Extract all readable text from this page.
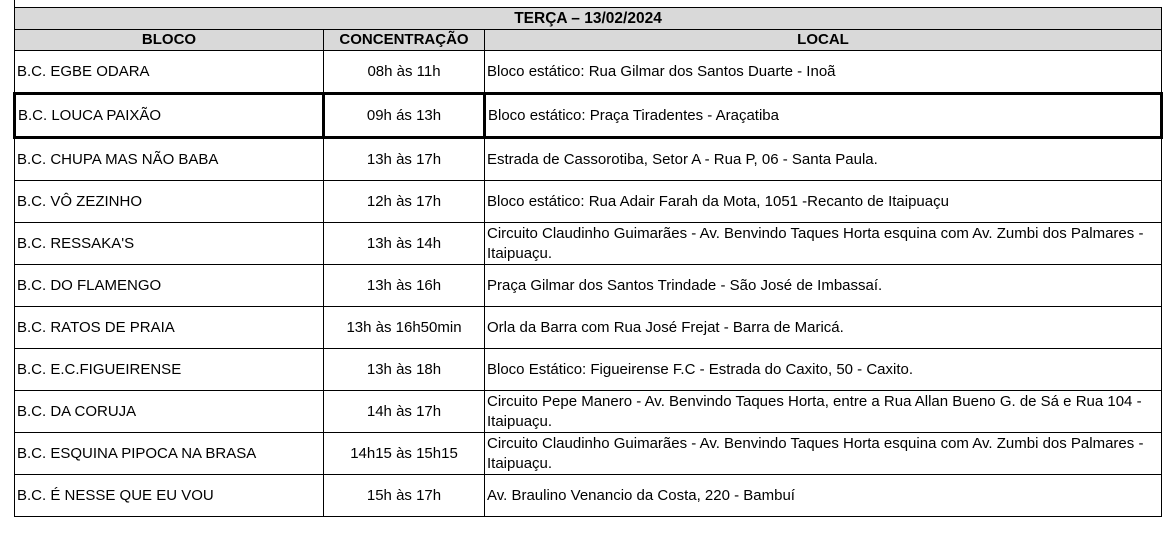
TERÇA – 13/02/2024		
BLOCO	CONCENTRAÇÃO	LOCAL
B.C. EGBE ODARA	08h às 11h	Bloco estático: Rua Gilmar dos Santos Duarte - Inoã
B.C. LOUCA PAIXÃO	09h ás 13h	Bloco estático: Praça Tiradentes - Araçatiba
B.C. CHUPA MAS NÃO BABA	13h às 17h	Estrada de Cassorotiba, Setor A - Rua P, 06 - Santa Paula.
B.C. VÔ ZEZINHO	12h às 17h	Bloco estático: Rua Adair Farah da Mota, 1051 -Recanto de Itaipuaçu
B.C. RESSAKA'S	13h às 14h	Circuito Claudinho Guimarães - Av. Benvindo Taques Horta esquina com Av. Zumbi dos Palmares - Itaipuaçu.
B.C. DO FLAMENGO	13h às 16h	Praça Gilmar dos Santos Trindade - São José de Imbassaí.
B.C. RATOS DE PRAIA	13h às 16h50min	Orla da Barra com Rua José Frejat - Barra de Maricá.
B.C. E.C.FIGUEIRENSE	13h às 18h	Bloco Estático: Figueirense F.C - Estrada do Caxito, 50 - Caxito.
B.C. DA CORUJA	14h às 17h	Circuito Pepe Manero - Av. Benvindo Taques Horta, entre a Rua Allan Bueno G. de Sá e Rua 104 - Itaipuaçu.
B.C. ESQUINA PIPOCA NA BRASA	14h15 às 15h15	Circuito Claudinho Guimarães - Av. Benvindo Taques Horta esquina com Av. Zumbi dos Palmares - Itaipuaçu.
B.C. É NESSE QUE EU VOU	15h às 17h	Av. Braulino Venancio da Costa, 220 - Bambuí
